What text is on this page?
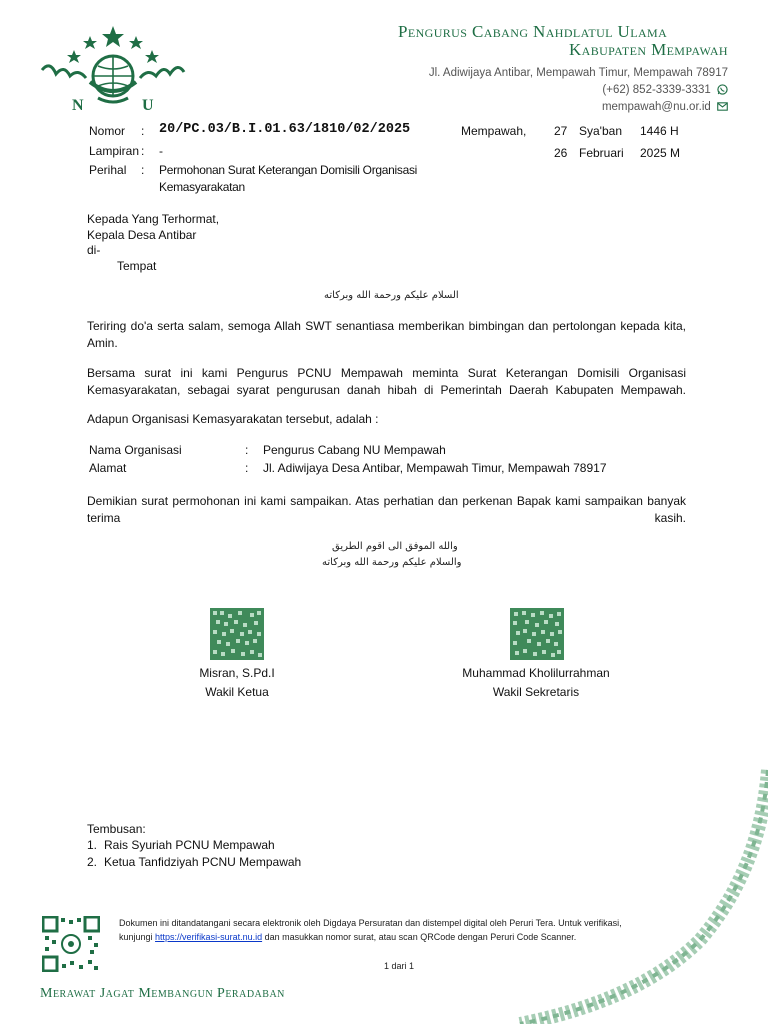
N	U
Pengurus Cabang Nahdlatul Ulama
Kabupaten Mempawah
Jl. Adiwijaya Antibar, Mempawah Timur, Mempawah 78917
(+62) 852-3339-3331
mempawah@nu.or.id
Nomor : 20/PC.03/B.I.01.63/1810/02/2025	Mempawah, 27 Sya'ban 1446 H
Lampiran : -	26 Februari 2025 M
Perihal : Permohonan Surat Keterangan Domisili Organisasi
Kemasyarakatan
Kepada Yang Terhormat,
Kepala Desa Antibar
di-
Tempat
السلام عليكم ورحمة الله وبركاته
Teriring do'a serta salam, semoga Allah SWT senantiasa memberikan bimbingan dan pertolongan kepada kita, Amin.
Bersama surat ini kami Pengurus PCNU Mempawah meminta Surat Keterangan Domisili Organisasi Kemasyarakatan, sebagai syarat pengurusan danah hibah di Pemerintah Daerah Kabupaten Mempawah.
Adapun Organisasi Kemasyarakatan tersebut, adalah :
Nama Organisasi	: Pengurus Cabang NU Mempawah
Alamat	: Jl. Adiwijaya Desa Antibar, Mempawah Timur, Mempawah 78917
Demikian surat permohonan ini kami sampaikan. Atas perhatian dan perkenan Bapak kami sampaikan banyak terima kasih.
والله الموفق الى اقوم الطريق
والسلام عليكم ورحمة الله وبركاته
Misran, S.Pd.I
Wakil Ketua
Muhammad Kholilurrahman
Wakil Sekretaris
Tembusan:
1. Rais Syuriah PCNU Mempawah
2. Ketua Tanfidziyah PCNU Mempawah
Dokumen ini ditandatangani secara elektronik oleh Digdaya Persuratan dan distempel digital oleh Peruri Tera. Untuk verifikasi,
kunjungi https://verifikasi-surat.nu.id dan masukkan nomor surat, atau scan QRCode dengan Peruri Code Scanner.
1 dari 1
Merawat Jagat Membangun Peradaban
